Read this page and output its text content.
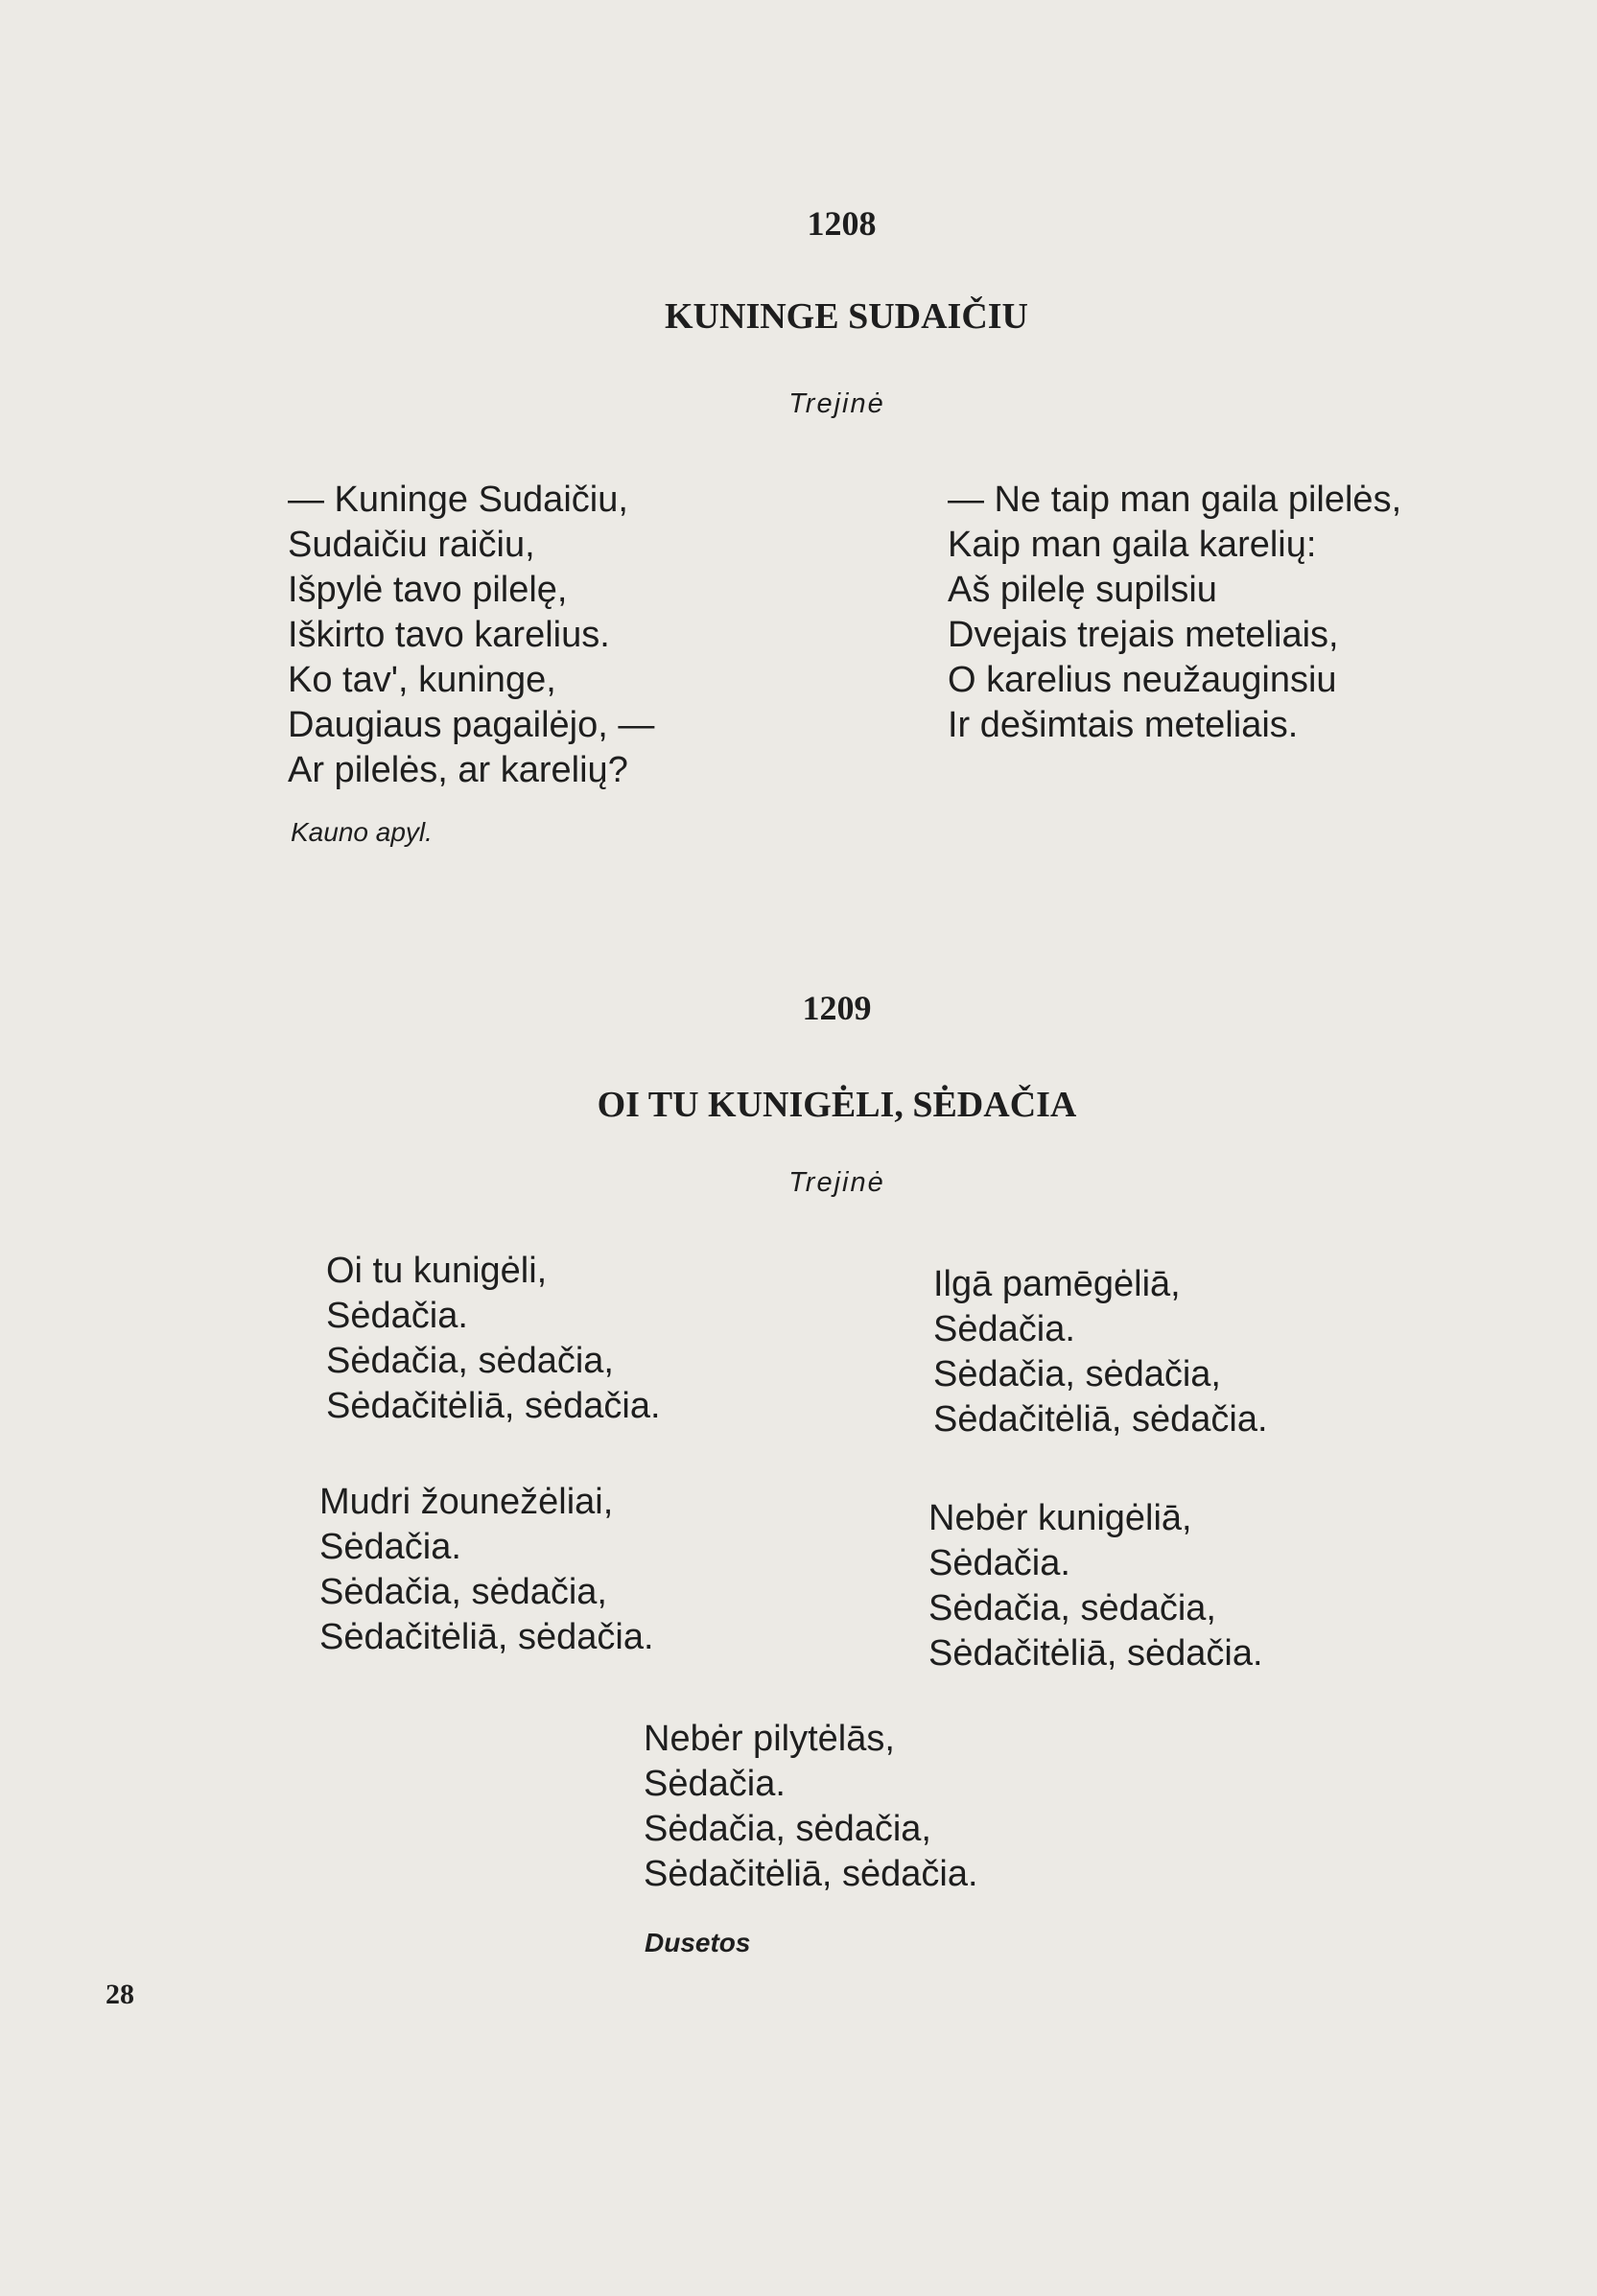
1208
KUNINGE SUDAIČIU
Trejinė
— Kuninge Sudaičiu,
Sudaičiu raičiu,
Išpylė tavo pilelę,
Iškirto tavo karelius.
Ko tav', kuninge,
Daugiaus pagailėjo, —
Ar pilelės, ar karelių?
— Ne taip man gaila pilelės,
Kaip man gaila karelių:
Aš pilelę supilsiu
Dvejais trejais meteliais,
O karelius neužauginsiu
Ir dešimtais meteliais.
Kauno apyl.
1209
OI TU KUNIGĖLI, SĖDAČIA
Trejinė
Oi tu kunigėli,
Sėdačia.
Sėdačia, sėdačia,
Sėdačitėliā, sėdačia.
Ilgā pamēgėliā,
Sėdačia.
Sėdačia, sėdačia,
Sėdačitėliā, sėdačia.
Mudri žounežėliai,
Sėdačia.
Sėdačia, sėdačia,
Sėdačitėliā, sėdačia.
Nebėr kunigėliā,
Sėdačia.
Sėdačia, sėdačia,
Sėdačitėliā, sėdačia.
Nebėr pilytėlās,
Sėdačia.
Sėdačia, sėdačia,
Sėdačitėliā, sėdačia.
Dusetos
28
